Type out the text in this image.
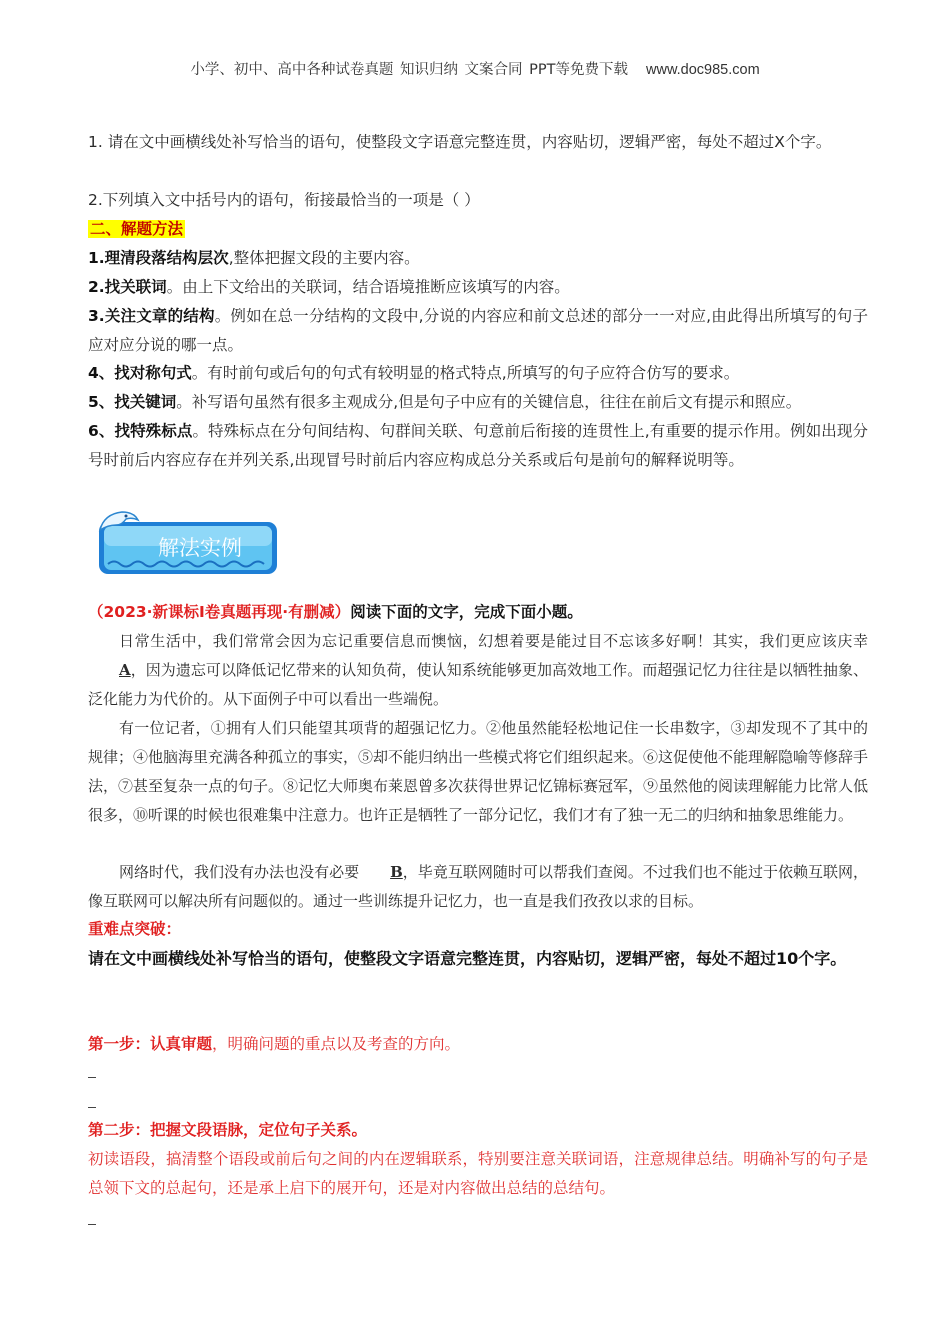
小学、初中、高中各种试卷真题 知识归纳 文案合同 PPT等免费下载 www.doc985.com
1. 请在文中画横线处补写恰当的语句，使整段文字语意完整连贯，内容贴切，逻辑严密，每处不超过X个字。
2.下列填入文中括号内的语句，衔接最恰当的一项是（ ）
二、解题方法
1.理清段落结构层次,整体把握文段的主要内容。
2.找关联词。由上下文给出的关联词，结合语境推断应该填写的内容。
3.关注文章的结构。例如在总一分结构的文段中,分说的内容应和前文总述的部分一一对应,由此得出所填写的句子应对应分说的哪一点。
4、找对称句式。有时前句或后句的句式有较明显的格式特点,所填写的句子应符合仿写的要求。
5、找关键词。补写语句虽然有很多主观成分,但是句子中应有的关键信息，往往在前后文有提示和照应。
6、找特殊标点。特殊标点在分句间结构、句群间关联、句意前后衔接的连贯性上,有重要的提示作用。例如出现分号时前后内容应存在并列关系,出现冒号时前后内容应构成总分关系或后句是前句的解释说明等。
解法实例
（2023·新课标Ⅰ卷真题再现·有删减）阅读下面的文字，完成下面小题。
日常生活中，我们常常会因为忘记重要信息而懊恼，幻想着要是能过目不忘该多好啊！其实，我们更应该庆幸A，因为遗忘可以降低记忆带来的认知负荷，使认知系统能够更加高效地工作。而超强记忆力往往是以牺牲抽象、泛化能力为代价的。从下面例子中可以看出一些端倪。
有一位记者，①拥有人们只能望其项背的超强记忆力。②他虽然能轻松地记住一长串数字，③却发现不了其中的规律；④他脑海里充满各种孤立的事实，⑤却不能归纳出一些模式将它们组织起来。⑥这促使他不能理解隐喻等修辞手法，⑦甚至复杂一点的句子。⑧记忆大师奥布莱恩曾多次获得世界记忆锦标赛冠军，⑨虽然他的阅读理解能力比常人低很多，⑩听课的时候也很难集中注意力。也许正是牺牲了一部分记忆，我们才有了独一无二的归纳和抽象思维能力。
网络时代，我们没有办法也没有必要 B，毕竟互联网随时可以帮我们查阅。不过我们也不能过于依赖互联网，像互联网可以解决所有问题似的。通过一些训练提升记忆力，也一直是我们孜孜以求的目标。
重难点突破：
请在文中画横线处补写恰当的语句，使整段文字语意完整连贯，内容贴切，逻辑严密，每处不超过10个字。
第一步：认真审题，明确问题的重点以及考查的方向。
第二步：把握文段语脉，定位句子关系。
初读语段，搞清整个语段或前后句之间的内在逻辑联系，特别要注意关联词语，注意规律总结。明确补写的句子是总领下文的总起句，还是承上启下的展开句，还是对内容做出总结的总结句。
